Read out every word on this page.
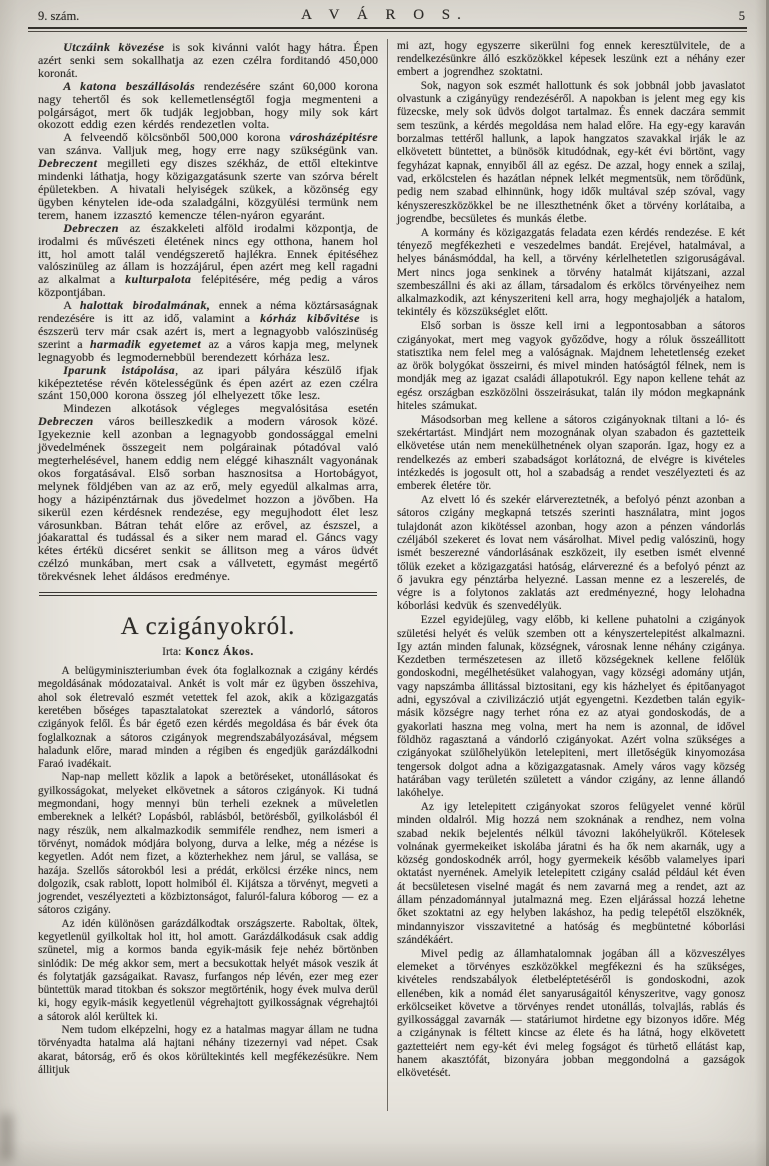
9. szám.	A V Á R O S.	5

Utczáink kövezése is sok kivánni valót hagy hátra. Épen azért senki sem sokallhatja az ezen czélra forditandó 450,000 koronát.

A katona beszállásolás rendezésére szánt 60,000 korona nagy tehertől és sok kellemetlenségtől fogja megmenteni a polgárságot, mert ők tudják legjobban, hogy mily sok kárt okozott eddig ezen kérdés rendezetlen volta.

A felveendő kölcsönből 500,000 korona városházépitésre van szánva. Valljuk meg, hogy erre nagy szükségünk van. Debreczent megilleti egy diszes székház, de ettől eltekintve mindenki láthatja, hogy közigazgatásunk szerte van szórva bérelt épületekben. A hivatali helyiségek szükek, a közönség egy ügyben kénytelen ide-oda szaladgálni, közgyülési termünk nem terem, hanem izzasztó kemencze télen-nyáron egyaránt.

Debreczen az északkeleti alföld irodalmi központja, de irodalmi és művészeti életének nincs egy otthona, hanem hol itt, hol amott talál vendégszerető hajlékra. Ennek épitéséhez valószinüleg az állam is hozzájárul, épen azért meg kell ragadni az alkalmat a kulturpalota felépitésére, még pedig a város központjában.

A halottak birodalmának, ennek a néma köztársaságnak rendezésére is itt az idő, valamint a kórház kibővitése is észszerü terv már csak azért is, mert a legnagyobb valószinüség szerint a harmadik egyetemet az a város kapja meg, melynek legnagyobb és legmodernebbül berendezett kórháza lesz.

Iparunk istápolása, az ipari pályára készülő ifjak kiképeztetése révén kötelességünk és épen azért az ezen czélra szánt 150,000 korona összeg jól elhelyezett tőke lesz.

Mindezen alkotások végleges megvalósitása esetén Debreczen város beilleszkedik a modern városok közé. Igyekeznie kell azonban a legnagyobb gondossággal emelni jövedelmének összegeit nem polgárainak pótadóval való megterhelésével, hanem eddig nem eléggé kihasznált vagyonának okos forgatásával. Első sorban hasznositsa a Hortobágyot, melynek földjében van az az erő, mely egyedül alkalmas arra, hogy a házipénztárnak dus jövedelmet hozzon a jövőben. Ha sikerül ezen kérdésnek rendezése, egy megujhodott élet lesz városunkban. Bátran tehát előre az erővel, az észszel, a jóakarattal és tudással és a siker nem marad el. Gáncs vagy kétes értékü dicséret senkit se állitson meg a város üdvét czélzó munkában, mert csak a vállvetett, egymást megértő törekvésnek lehet áldásos eredménye.

A czigányokról.

Irta: Koncz Ákos.

A belügyminiszteriumban évek óta foglalkoznak a czigány kérdés megoldásának módozataival. Ankét is volt már ez ügyben összehiva, ahol sok életrevaló eszmét vetettek fel azok, akik a közigazgatás keretében bőséges tapasztalatokat szereztek a vándorló, sátoros czigányok felől. És bár égető ezen kérdés megoldása és bár évek óta foglalkoznak a sátoros czigányok megrendszabályozásával, mégsem haladunk előre, marad minden a régiben és engedjük garázdálkodni Faraó ivadékait.

Nap-nap mellett közlik a lapok a betöréseket, utonállásokat és gyilkosságokat, melyeket elkövetnek a sátoros czigányok. Ki tudná megmondani, hogy mennyi bün terheli ezeknek a müveletlen embereknek a lelkét? Lopásból, rablásból, betörésből, gyilkolásból él nagy részük, nem alkalmazkodik semmiféle rendhez, nem ismeri a törvényt, nomádok módjára bolyong, durva a lelke, még a nézése is kegyetlen. Adót nem fizet, a közterhekhez nem járul, se vallása, se hazája. Szellős sátorokból lesi a prédát, erkölcsi érzéke nincs, nem dolgozik, csak rablott, lopott holmiból él. Kijátsza a törvényt, megveti a jogrendet, veszélyezteti a közbiztonságot, faluról-falura kóborog — ez a sátoros czigány.

Az idén különösen garázdálkodtak országszerte. Raboltak, öltek, kegyetlenül gyilkoltak hol itt, hol amott. Garázdálkodásuk csak addig szünetel, mig a kormos banda egyik-másik feje nehéz börtönben sinlódik: De még akkor sem, mert a becsukottak helyét mások veszik át és folytatják gazságaikat. Ravasz, furfangos nép lévén, ezer meg ezer büntettük marad titokban és sokszor megtörténik, hogy évek mulva derül ki, hogy egyik-másik kegyetlenül végrehajtott gyilkosságnak végrehajtói a sátorok alól kerültek ki.

Nem tudom elképzelni, hogy ez a hatalmas magyar állam ne tudna törvényadta hatalma alá hajtani néhány tizezernyi vad népet. Csak akarat, bátorság, erő és okos körültekintés kell megfékezésükre. Nem állitjuk

mi azt, hogy egyszerre sikerülni fog ennek keresztülvitele, de a rendelkezésünkre álló eszközökkel képesek leszünk ezt a néhány ezer embert a jogrendhez szoktatni.

Sok, nagyon sok eszmét hallottunk és sok jobbnál jobb javaslatot olvastunk a czigányügy rendezéséről. A napokban is jelent meg egy kis füzecske, mely sok üdvös dolgot tartalmaz. És ennek daczára semmit sem teszünk, a kérdés megoldása nem halad előre. Ha egy-egy karaván borzalmas tettéről hallunk, a lapok hangzatos szavakkal irják le az elkövetett büntettet, a bünösök kitudódnak, egy-két évi börtönt, vagy fegyházat kapnak, ennyiből áll az egész. De azzal, hogy ennek a szilaj, vad, erkölcstelen és hazátlan népnek lelkét megmentsük, nem törődünk, pedig nem szabad elhinnünk, hogy idők multával szép szóval, vagy kényszereszközökkel be ne illeszthetnénk őket a törvény korlátaiba, a jogrendbe, becsületes és munkás életbe.

A kormány és közigazgatás feladata ezen kérdés rendezése. E két tényező megfékezheti e veszedelmes bandát. Erejével, hatalmával, a helyes bánásmóddal, ha kell, a törvény kérlelhetetlen szigoruságával. Mert nincs joga senkinek a törvény hatalmát kijátszani, azzal szembeszállni és aki az állam, társadalom és erkölcs törvényeihez nem alkalmazkodik, azt kényszeriteni kell arra, hogy meghajoljék a hatalom, tekintély és közszükséglet előtt.

Első sorban is össze kell irni a legpontosabban a sátoros czigányokat, mert meg vagyok győződve, hogy a róluk összeállitott statisztika nem felel meg a valóságnak. Majdnem lehetetlenség ezeket az örök bolygókat összeirni, és mivel minden hatóságtól félnek, nem is mondják meg az igazat családi állapotukról. Egy napon kellene tehát az egész országban eszközölni összeirásukat, talán ily módon megkapnánk hiteles számukat.

Másodsorban meg kellene a sátoros czigányoknak tiltani a ló- és szekértartást. Mindjárt nem mozognának olyan szabadon és gaztetteik elkövetése után nem menekülhetnének olyan szaporán. Igaz, hogy ez a rendelkezés az emberi szabadságot korlátozná, de elvégre is kivételes intézkedés is jogosult ott, hol a szabadság a rendet veszélyezteti és az emberek életére tör.

Az elvett ló és szekér elárvereztetnék, a befolyó pénzt azonban a sátoros czigány megkapná tetszés szerinti használatra, mint jogos tulajdonát azon kikötéssel azonban, hogy azon a pénzen vándorlás czéljából szekeret és lovat nem vásárolhat. Mivel pedig valószinü, hogy ismét beszerezné vándorlásának eszközeit, ily esetben ismét elvenné tőlük ezeket a közigazgatási hatóság, elárverezné és a befolyó pénzt az ő javukra egy pénztárba helyezné. Lassan menne ez a leszerelés, de végre is a folytonos zaklatás azt eredményezné, hogy lelohadna kóborlási kedvük és szenvedélyük.

Ezzel egyidejüleg, vagy előbb, ki kellene puhatolni a czigányok születési helyét és velük szemben ott a kényszertelepitést alkalmazni. Igy aztán minden falunak, községnek, városnak lenne néhány czigánya. Kezdetben természetesen az illető községeknek kellene felőlük gondoskodni, megélhetésüket valahogyan, vagy községi adomány utján, vagy napszámba állitással biztositani, egy kis házhelyet és épitőanyagot adni, egyszóval a czivilizáczió utját egyengetni. Kezdetben talán egyik-másik községre nagy terhet róna ez az atyai gondoskodás, de a gyakorlati haszna meg volna, mert ha nem is azonnal, de idővel földhöz ragasztaná a vándorló czigányokat. Azért volna szükséges a czigányokat szülőhelyükön letelepiteni, mert illetőségük kinyomozása tengersok dolgot adna a közigazgatasnak. Amely város vagy község határában vagy területén született a vándor czigány, az lenne állandó lakóhelye.

Az igy letelepitett czigányokat szoros felügyelet venné körül minden oldalról. Mig hozzá nem szoknának a rendhez, nem volna szabad nekik bejelentés nélkül távozni lakóhelyükről. Kötelesek volnának gyermekeiket iskolába járatni és ha ők nem akarnák, ugy a község gondoskodnék arról, hogy gyermekeik később valamelyes ipari oktatást nyernének. Amelyik letelepitett czigány család például két éven át becsületesen viselné magát és nem zavarná meg a rendet, azt az állam pénzadománnyal jutalmazná meg. Ezen eljárással hozzá lehetne őket szoktatni az egy helyben lakáshoz, ha pedig telepétől elszöknék, mindannyiszor visszavitetné a hatóság és megbüntetné kóborlási szándékáért.

Mivel pedig az államhatalomnak jogában áll a közveszélyes elemeket a törvényes eszközökkel megfékezni és ha szükséges, kivételes rendszabályok életbeléptetéséről is gondoskodni, azok ellenében, kik a nomád élet sanyaruságaitól kényszeritve, vagy gonosz erkölcseiket követve a törvényes rendet utonállás, tolvajlás, rablás és gyilkossággal zavarnák — statáriumot hirdetne egy bizonyos időre. Még a czigánynak is féltett kincse az élete és ha látná, hogy elkövetett gaztetteiért nem egy-két évi meleg fogságot és türhető ellátást kap, hanem akasztófát, bizonyára jobban meggondolná a gazságok elkövetését.
